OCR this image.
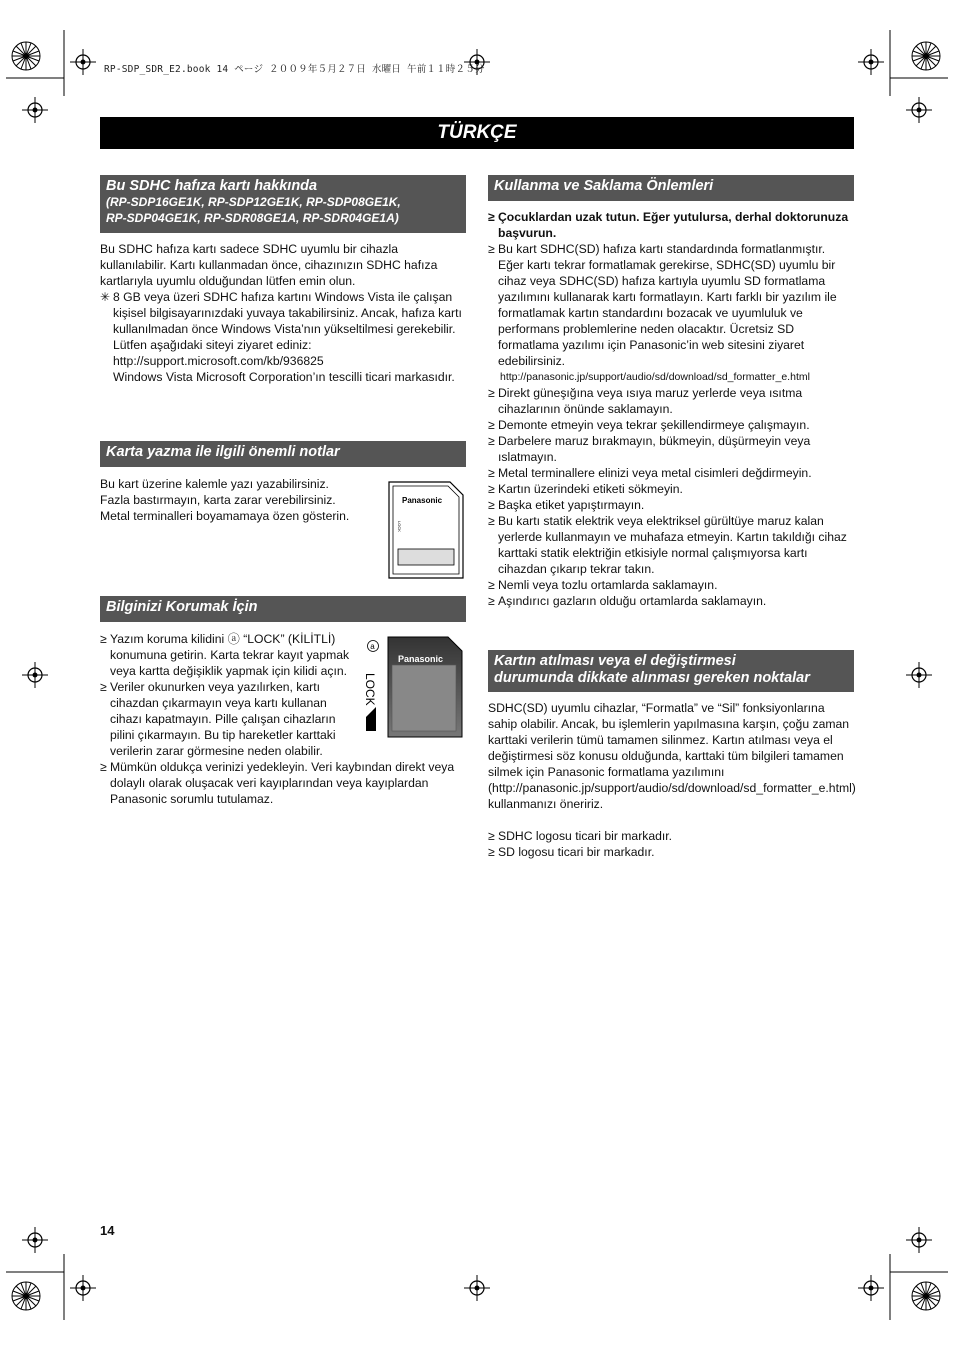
RP-SDP_SDR_E2.book 14 ページ ２００９年５月２７日 水曜日 午前１１時２５分
TÜRKÇE
Bu SDHC hafıza kartı hakkında
(RP-SDP16GE1K, RP-SDP12GE1K, RP-SDP08GE1K,
RP-SDP04GE1K, RP-SDR08GE1A, RP-SDR04GE1A)

Bu SDHC hafıza kartı sadece SDHC uyumlu bir cihazla kullanılabilir. Kartı kullanmadan önce, cihazınızın SDHC hafıza kartlarıyla uyumlu olduğundan lütfen emin olun.

✳ 8 GB veya üzeri SDHC hafıza kartını Windows Vista ile çalışan kişisel bilgisayarınızdaki yuvaya takabilirsiniz. Ancak, hafıza kartı kullanılmadan önce Windows Vista’nın yükseltilmesi gerekebilir. Lütfen aşağıdaki siteyi ziyaret ediniz:

http://support.microsoft.com/kb/936825

Windows Vista Microsoft Corporation’ın tescilli ticari markasıdır.

Karta yazma ile ilgili önemli notlar

Bu kart üzerine kalemle yazı yazabilirsiniz. Fazla bastırmayın, karta zarar verebilirsiniz. Metal terminalleri boyamamaya özen gösterin.

Panasonic
LOCK
Bilginizi Korumak İçin
≥ Yazım koruma kilidini ⓐ “LOCK” (KİLİTLİ) konumuna getirin. Karta tekrar kayıt yapmak veya kartta değişiklik yapmak için kilidi açın.

≥ Veriler okunurken veya yazılırken, kartı cihazdan çıkarmayın veya kartı kullanan cihazı kapatmayın. Pille çalışan cihazların pilini çıkarmayın. Bu tip hareketler karttaki verilerin zarar görmesine neden olabilir.

≥ Mümkün oldukça verinizi yedekleyin. Veri kaybından direkt veya dolaylı olarak oluşacak veri kayıplarından veya kayıplardan Panasonic sorumlu tutulamaz.

Panasonic
a
LOCK
Kullanma ve Saklama Önlemleri
≥ Çocuklardan uzak tutun. Eğer yutulursa, derhal doktorunuza başvurun.

≥ Bu kart SDHC(SD) hafıza kartı standardında formatlanmıştır. Eğer kartı tekrar formatlamak gerekirse, SDHC(SD) uyumlu bir cihaz veya SDHC(SD) hafıza kartıyla uyumlu SD formatlama yazılımını kullanarak kartı formatlayın. Kartı farklı bir yazılım ile formatlamak kartın standardını bozacak ve uyumluluk ve performans problemlerine neden olacaktır. Ücretsiz SD formatlama yazılımı için Panasonic’in web sitesini ziyaret edebilirsiniz.

http://panasonic.jp/support/audio/sd/download/sd_formatter_e.html

≥ Direkt güneşığına veya ısıya maruz yerlerde veya ısıtma cihazlarının önünde saklamayın.

≥ Demonte etmeyin veya tekrar şekillendirmeye çalışmayın.

≥ Darbelere maruz bırakmayın, bükmeyin, düşürmeyin veya ıslatmayın.

≥ Metal terminallere elinizi veya metal cisimleri değdirmeyin.

≥ Kartın üzerindeki etiketi sökmeyin.

≥ Başka etiket yapıştırmayın.

≥ Bu kartı statik elektrik veya elektriksel gürültüye maruz kalan yerlerde kullanmayın ve muhafaza etmeyin. Kartın takıldığı cihaz karttaki statik elektriğin etkisiyle normal çalışmıyorsa kartı cihazdan çıkarıp tekrar takın.

≥ Nemli veya tozlu ortamlarda saklamayın.

≥ Aşındırıcı gazların olduğu ortamlarda saklamayın.

Kartın atılması veya el değiştirmesi
durumunda dikkate alınması gereken noktalar

SDHC(SD) uyumlu cihazlar, “Formatla” ve “Sil” fonksiyonlarına sahip olabilir. Ancak, bu işlemlerin yapılmasına karşın, çoğu zaman karttaki verilerin tümü tamamen silinmez. Kartın atılması veya el değiştirmesi söz konusu olduğunda, karttaki tüm bilgileri tamamen silmek için Panasonic formatlama yazılımını (http://panasonic.jp/support/audio/sd/download/sd_formatter_e.html) kullanmanızı öneririz.

≥ SDHC logosu ticari bir markadır.

≥ SD logosu ticari bir markadır.

14
